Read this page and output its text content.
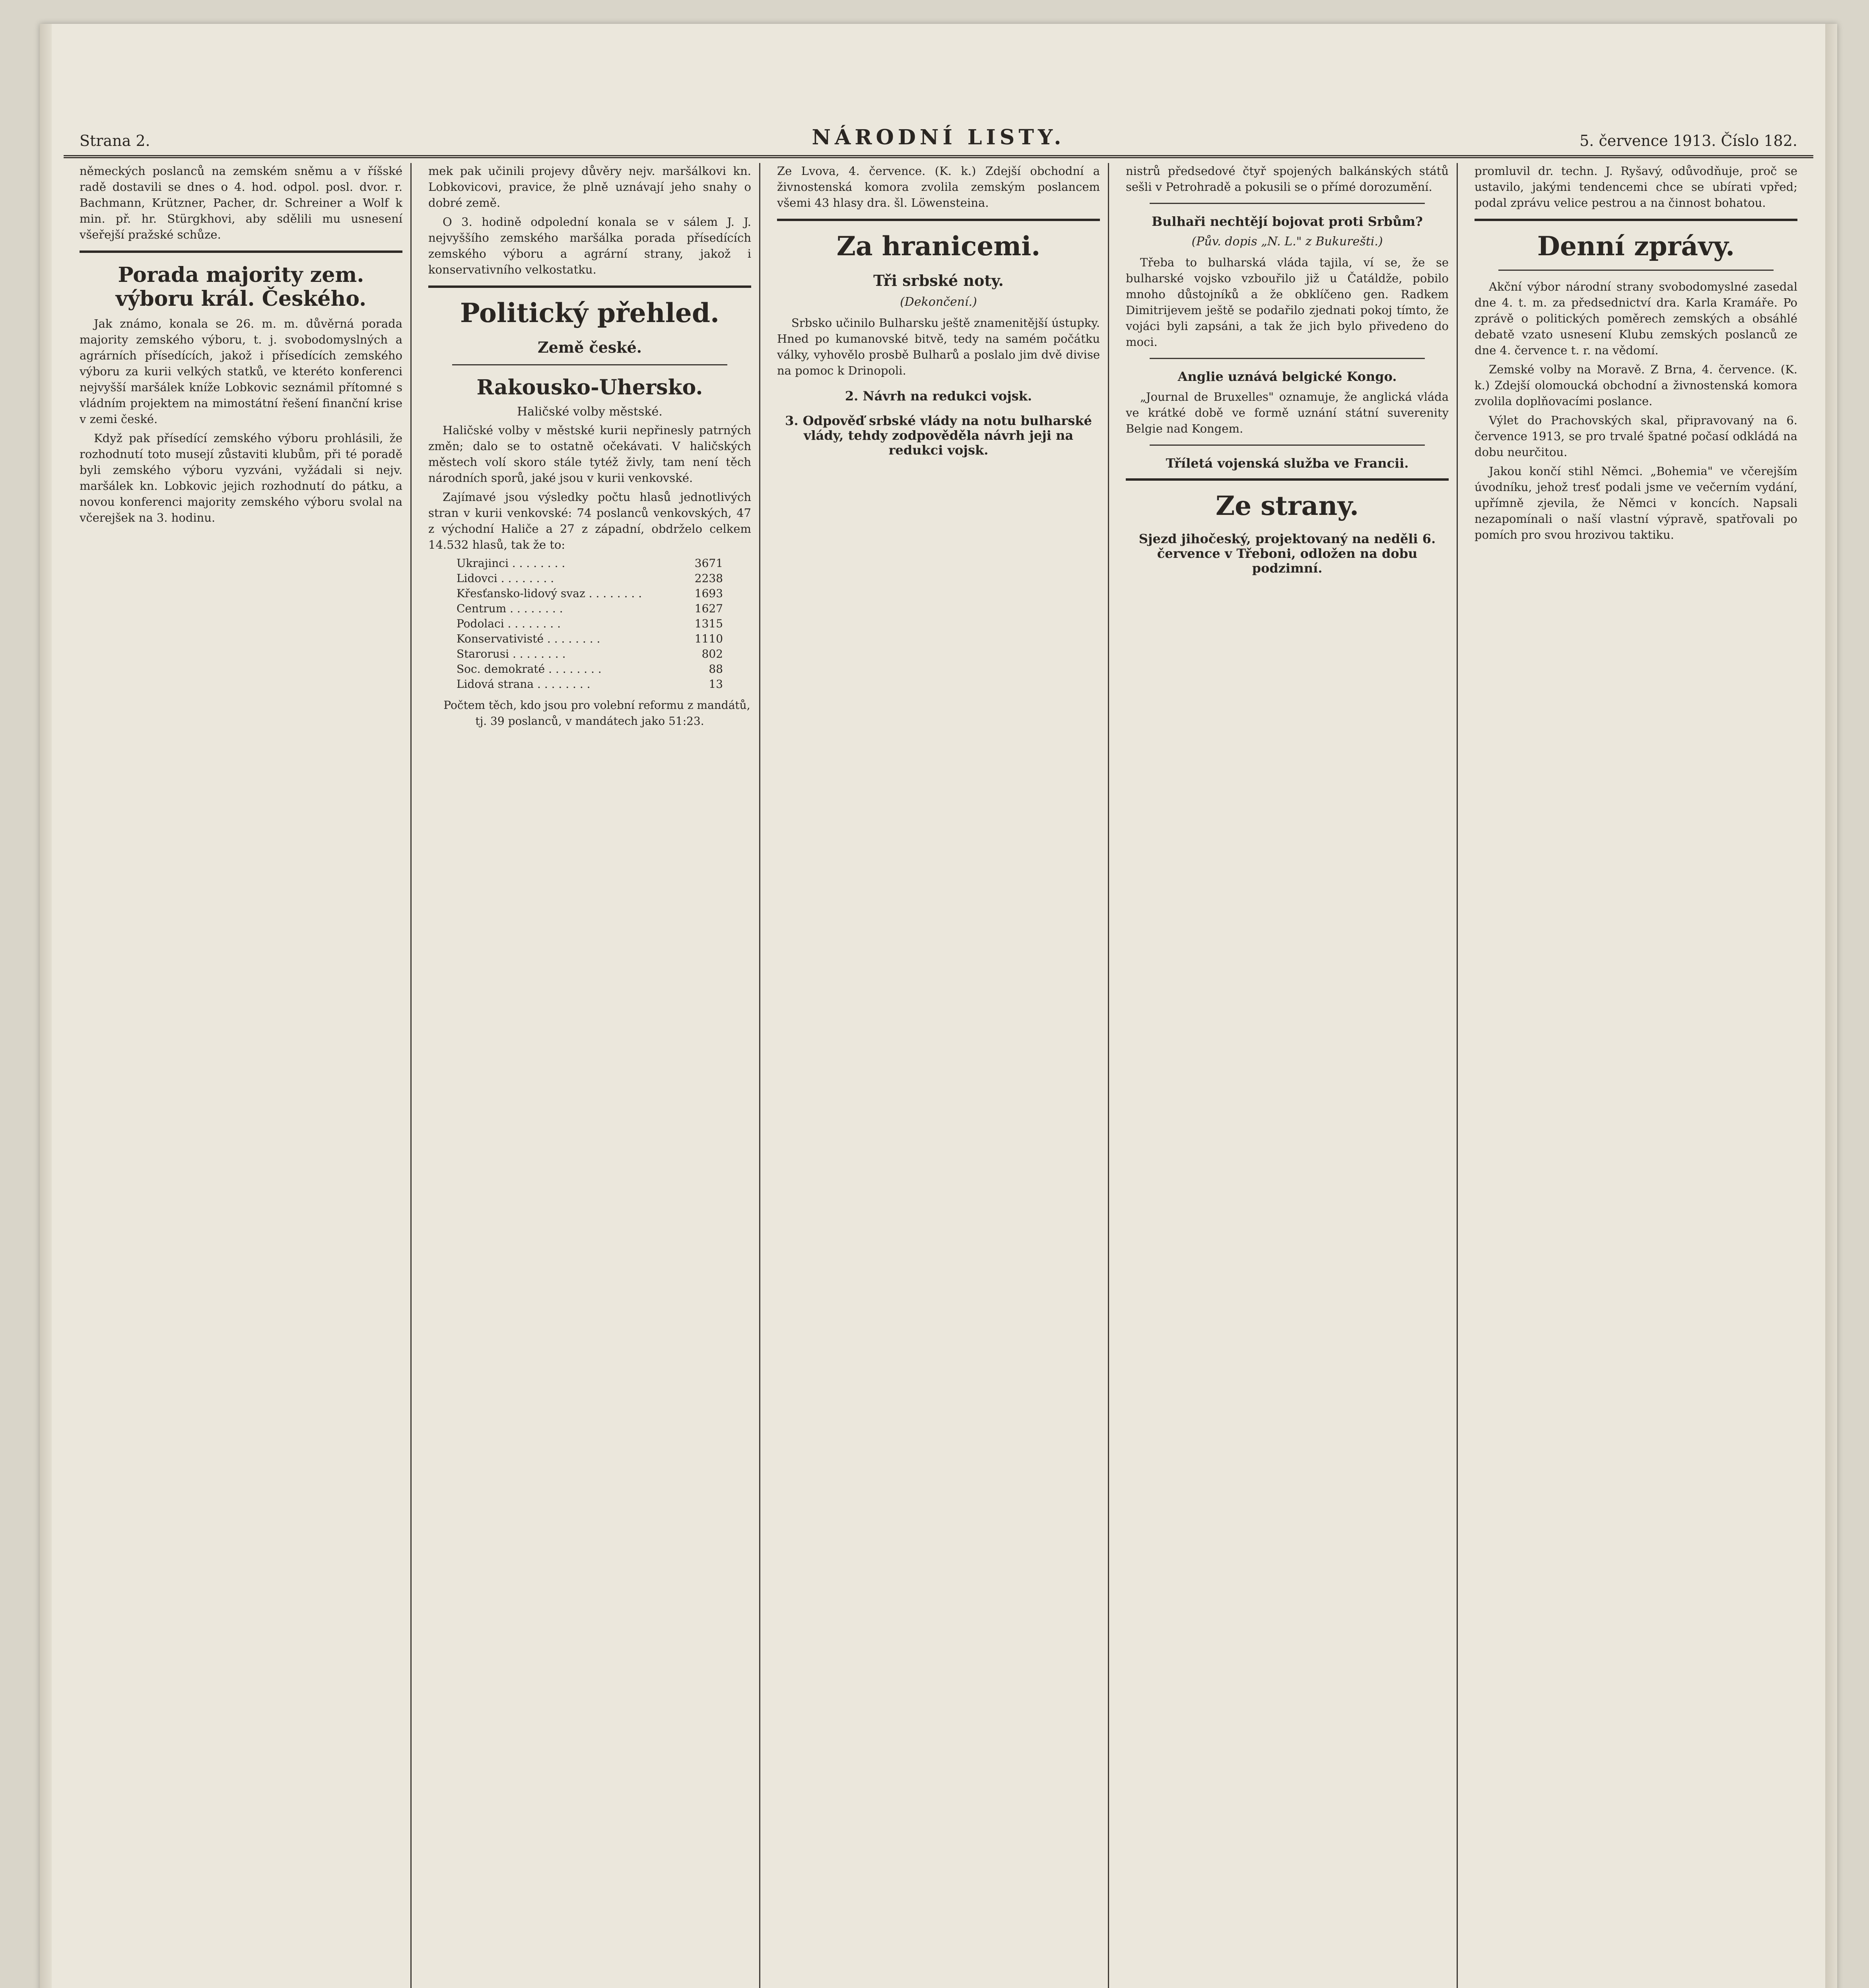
Strana 2.	NÁRODNÍ LISTY.	5. července 1913. Číslo 182.

německých poslanců na zemském sněmu a v říšské radě dostavili se dnes o 4. hod. odpol. posl. dvor. r. Bachmann, Krützner, Pacher, dr. Schreiner a Wolf k min. př. hr. Stürgkhovi, aby sdělili mu usnesení všeřejší pražské schůze.

Porada majority zem. výboru král. Českého.

Jak známo, konala se 26. m. m. důvěrná porada majority zemského výboru, t. j. svobodomyslných a agrárních přísedících, jakož i přísedících zemského výboru za kurii velkých statků, ve kteréto konferenci nejvyšší maršálek kníže Lobkovic seznámil přítomné s vládním projektem na mimostátní řešení finanční krise v zemi české.

Když pak přísedící zemského výboru prohlásili, že rozhodnutí toto musejí zůstaviti klubům, při té poradě byli zemského výboru vyzváni, vyžádali si nejv. maršálek kn. Lobkovic jejich rozhodnutí do pátku, a novou konferenci majority zemského výboru svolal na včerejšek na 3. hodinu.

mek pak učinili projevy důvěry nejv. maršálkovi kn. Lobkovicovi, pravice, že plně uznávají jeho snahy o dobré země.

O 3. hodině odpolední konala se v sálem J. J. nejvyššího zemského maršálka porada přísedících zemského výboru a agrární strany, jakož i konservativního velkostatku.

Politický přehled.
Země české.
Rakousko-Uhersko.
Haličské volby městské.

Haličské volby v městské kurii nepřinesly patrných změn; dalo se to ostatně očekávati. V haličských městech volí skoro stále tytéž živly, tam není těch národních sporů, jaké jsou v kurii venkovské.

Zajímavé jsou výsledky počtu hlasů jednotlivých stran v kurii venkovské: 74 poslanců venkovských, 47 z východní Haliče a 27 z západní, obdrželo celkem 14.532 hlasů, tak že to:

Ukrajinci . . . . . . . .	3671
Lidovci . . . . . . . .	2238
Křesťansko-lidový svaz . . . . . . . .	1693
Centrum . . . . . . . .	1627
Podolaci . . . . . . . .	1315
Konservativisté . . . . . . . .	1110
Starorusi . . . . . . . .	802
Soc. demokraté . . . . . . . .	88
Lidová strana . . . . . . . .	13

Počtem těch, kdo jsou pro volební reformu z mandátů, tj. 39 poslanců, v mandátech jako 51:23.

Ze Lvova, 4. července. (K. k.) Zdejší obchodní a živnostenská komora zvolila zemským poslancem všemi 43 hlasy dra. šl. Löwensteina.

Za hranicemi.
Tři srbské noty.
(Dekončení.)

Srbsko učinilo Bulharsku ještě znamenitější ústupky. Hned po kumanovské bitvě, tedy na samém počátku války, vyhovělo prosbě Bulharů a poslalo jim dvě divise na pomoc k Drinopoli.

2. Návrh na redukci vojsk.
3. Odpověď srbské vlády na notu bulharské vlády, tehdy zodpověděla návrh jeji na redukci vojsk.

nistrů předsedové čtyř spojených balkánských států sešli v Petrohradě a pokusili se o přímé dorozumění.

Bulhaři nechtějí bojovat proti Srbům?
(Pův. dopis „N. L." z Bukurešti.)

Třeba to bulharská vláda tajila, ví se, že se bulharské vojsko vzbouřilo již u Čatáldže, pobilo mnoho důstojníků a že obklíčeno gen. Radkem Dimitrijevem ještě se podařilo zjednati pokoj tímto, že vojáci byli zapsáni, a tak že jich bylo přivedeno do moci.

Anglie uznává belgické Kongo.

„Journal de Bruxelles" oznamuje, že anglická vláda ve krátké době ve formě uznání státní suverenity Belgie nad Kongem.

Tříletá vojenská služba ve Francii.
Ze strany.
Sjezd jihočeský, projektovaný na neděli 6. července v Třeboni, odložen na dobu podzimní.

promluvil dr. techn. J. Ryšavý, odůvodňuje, proč se ustavilo, jakými tendencemi chce se ubírati vpřed; podal zprávu velice pestrou a na činnost bohatou.

Denní zprávy.

Akční výbor národní strany svobodomyslné zasedal dne 4. t. m. za předsednictví dra. Karla Kramáře. Po zprávě o politických poměrech zemských a obsáhlé debatě vzato usnesení Klubu zemských poslanců ze dne 4. července t. r. na vědomí.

Zemské volby na Moravě. Z Brna, 4. července. (K. k.) Zdejší olomoucká obchodní a živnostenská komora zvolila doplňovacími poslance.

Výlet do Prachovských skal, připravovaný na 6. července 1913, se pro trvalé špatné počasí odkládá na dobu neurčitou.

Jakou končí stihl Němci. „Bohemia" ve včerejším úvodníku, jehož tresť podali jsme ve večerním vydání, upřímně zjevila, že Němci v koncích. Napsali nezapomínali o naší vlastní výpravě, spatřovali po pomích pro svou hrozivou taktiku.
